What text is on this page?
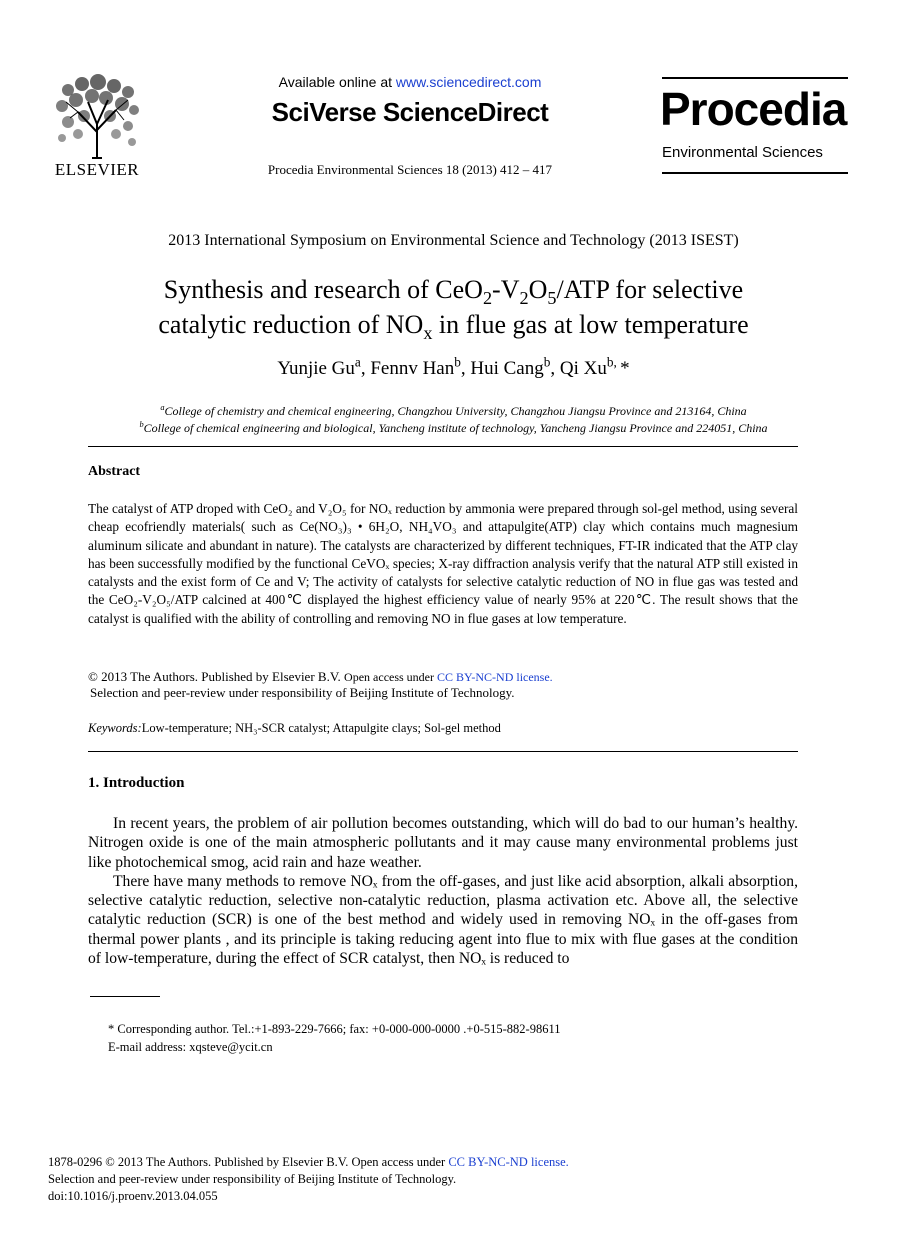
ELSEVIER
Available online at www.sciencedirect.com
SciVerse ScienceDirect
Procedia Environmental Sciences 18 (2013) 412 – 417
Procedia
Environmental Sciences
2013 International Symposium on Environmental Science and Technology (2013 ISEST)
Synthesis and research of $CeO_2-V_2O_5$/ATP for selective
catalytic reduction of $NO_x$ in flue gas at low temperature
Yunjie Gu$^a$, Fennv Han$^b$, Hui Cang$^b$, Qi $Xu^{b,}$ *
$^a$College of chemistry and chemical engineering, Changzhou University, Changzhou Jiangsu Province and 213164, China
$^b$College of chemical engineering and biological, Yancheng institute of technology, Yancheng Jiangsu Province and 224051, China
Abstract
The catalyst of ATP droped with CeO₂ and V₂O₅ for NOₓ reduction by ammonia were prepared through sol-gel method, using several cheap ecofriendly materials( such as Ce(NO₃)₃ • 6H₂O, NH₄VO₃ and attapulgite(ATP) clay which contains much magnesium aluminum silicate and abundant in nature). The catalysts are characterized by different techniques, FT-IR indicated that the ATP clay has been successfully modified by the functional CeVOₓ species; X-ray diffraction analysis verify that the natural ATP still existed in catalysts and the exist form of Ce and V; The activity of catalysts for selective catalytic reduction of NO in flue gas was tested and the CeO₂-V₂O₅/ATP calcined at 400℃ displayed the highest efficiency value of nearly 95% at 220℃. The result shows that the catalyst is qualified with the ability of controlling and removing NO in flue gases at low temperature.
© 2013 The Authors. Published by Elsevier B.V. Open access under CC BY-NC-ND license.
Selection and peer-review under responsibility of Beijing Institute of Technology.
Keywords:Low-temperature; NH₃-SCR catalyst; Attapulgite clays; Sol-gel method
1. Introduction

In recent years, the problem of air pollution becomes outstanding, which will do bad to our human’s healthy. Nitrogen oxide is one of the main atmospheric pollutants and it may cause many environmental problems just like photochemical smog, acid rain and haze weather.

There have many methods to remove NOₓ from the off-gases, and just like acid absorption, alkali absorption, selective catalytic reduction, selective non-catalytic reduction, plasma activation etc. Above all, the selective catalytic reduction (SCR) is one of the best method and widely used in removing NOₓ in the off-gases from thermal power plants , and its principle is taking reducing agent into flue to mix with flue gases at the condition of low-temperature, during the effect of SCR catalyst, then NOₓ is reduced to

* Corresponding author. Tel.:+1-893-229-7666; fax: +0-000-000-0000 .+0-515-882-98611
E-mail address: xqsteve@ycit.cn
1878-0296 © 2013 The Authors. Published by Elsevier B.V. Open access under CC BY-NC-ND license.
Selection and peer-review under responsibility of Beijing Institute of Technology.
doi:10.1016/j.proenv.2013.04.055
